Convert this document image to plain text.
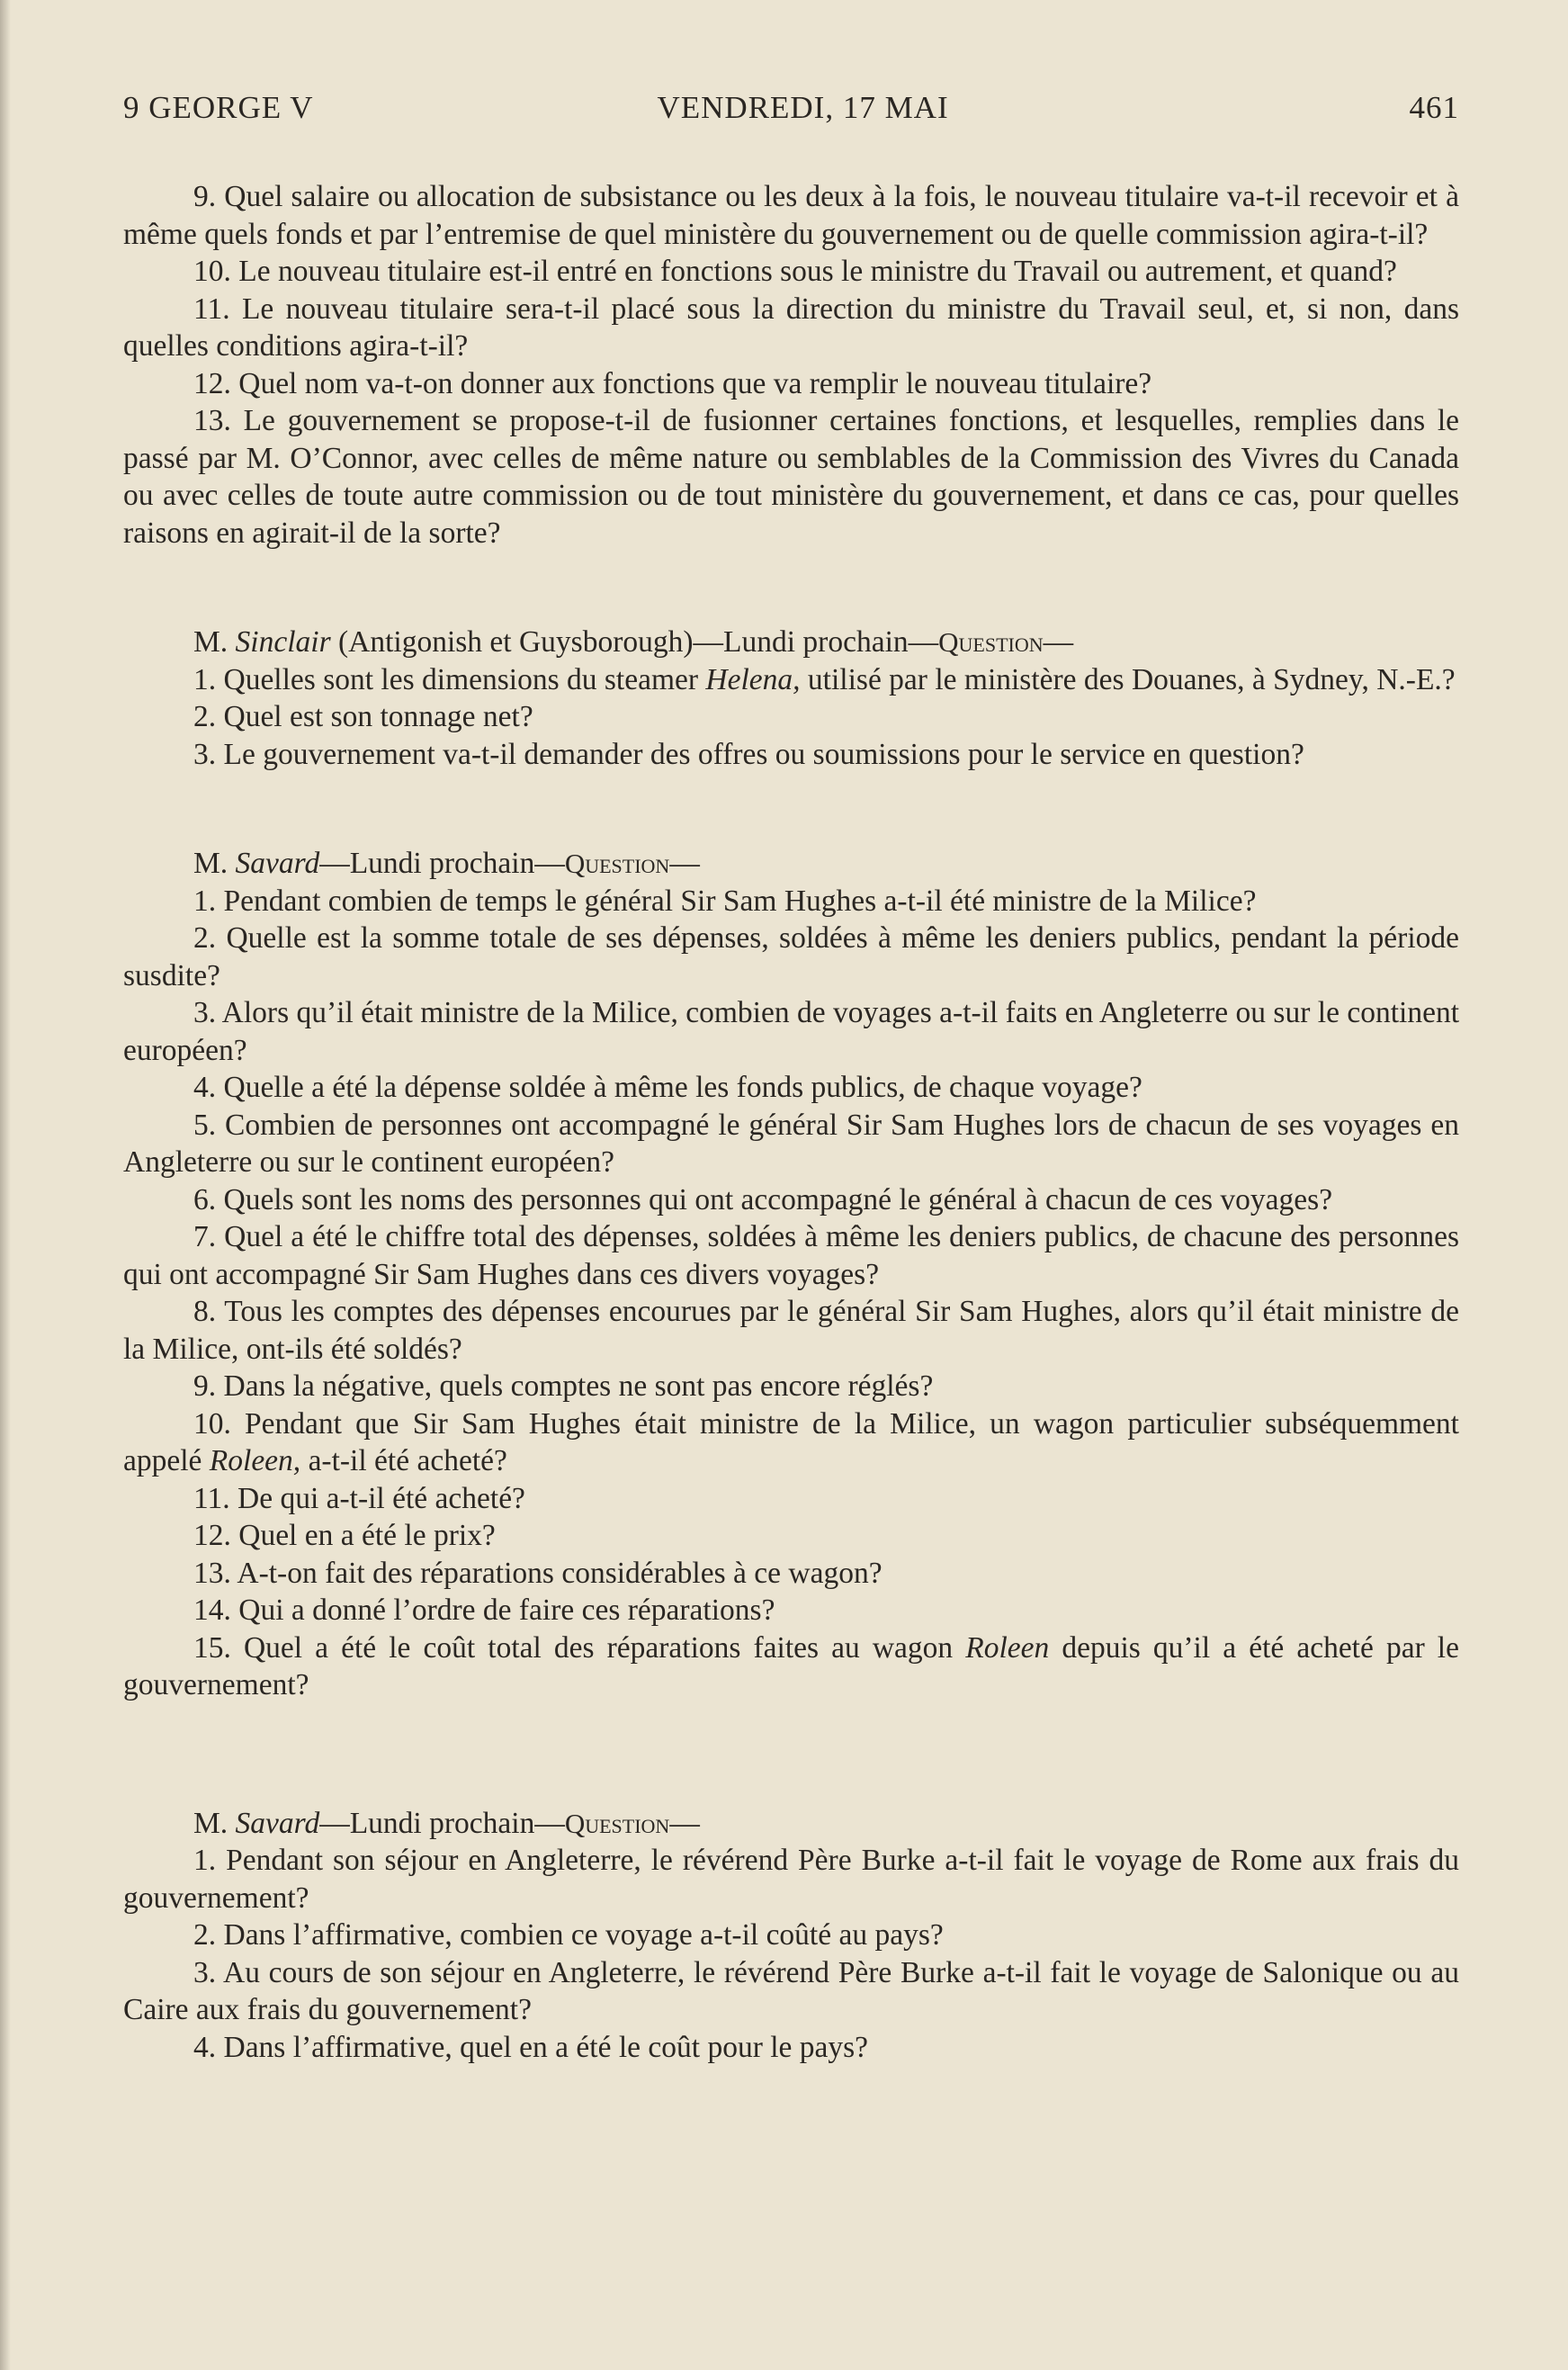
9 GEORGE V	VENDREDI, 17 MAI	461

9. Quel salaire ou allocation de subsistance ou les deux à la fois, le nouveau titulaire va-t-il recevoir et à même quels fonds et par l’entremise de quel ministère du gouvernement ou de quelle commission agira-t-il?

10. Le nouveau titulaire est-il entré en fonctions sous le ministre du Travail ou autrement, et quand?

11. Le nouveau titulaire sera-t-il placé sous la direction du ministre du Travail seul, et, si non, dans quelles conditions agira-t-il?

12. Quel nom va-t-on donner aux fonctions que va remplir le nouveau titulaire?

13. Le gouvernement se propose-t-il de fusionner certaines fonctions, et lesquelles, remplies dans le passé par M. O’Connor, avec celles de même nature ou semblables de la Commission des Vivres du Canada ou avec celles de toute autre commission ou de tout ministère du gouvernement, et dans ce cas, pour quelles raisons en agirait-il de la sorte?

M. Sinclair (Antigonish et Guysborough)—Lundi prochain—Question—

1. Quelles sont les dimensions du steamer Helena, utilisé par le ministère des Douanes, à Sydney, N.-E.?

2. Quel est son tonnage net?

3. Le gouvernement va-t-il demander des offres ou soumissions pour le service en question?

M. Savard—Lundi prochain—Question—

1. Pendant combien de temps le général Sir Sam Hughes a-t-il été ministre de la Milice?

2. Quelle est la somme totale de ses dépenses, soldées à même les deniers publics, pendant la période susdite?

3. Alors qu’il était ministre de la Milice, combien de voyages a-t-il faits en Angleterre ou sur le continent européen?

4. Quelle a été la dépense soldée à même les fonds publics, de chaque voyage?

5. Combien de personnes ont accompagné le général Sir Sam Hughes lors de chacun de ses voyages en Angleterre ou sur le continent européen?

6. Quels sont les noms des personnes qui ont accompagné le général à chacun de ces voyages?

7. Quel a été le chiffre total des dépenses, soldées à même les deniers publics, de chacune des personnes qui ont accompagné Sir Sam Hughes dans ces divers voyages?

8. Tous les comptes des dépenses encourues par le général Sir Sam Hughes, alors qu’il était ministre de la Milice, ont-ils été soldés?

9. Dans la négative, quels comptes ne sont pas encore réglés?

10. Pendant que Sir Sam Hughes était ministre de la Milice, un wagon particulier subséquemment appelé Roleen, a-t-il été acheté?

11. De qui a-t-il été acheté?

12. Quel en a été le prix?

13. A-t-on fait des réparations considérables à ce wagon?

14. Qui a donné l’ordre de faire ces réparations?

15. Quel a été le coût total des réparations faites au wagon Roleen depuis qu’il a été acheté par le gouvernement?

M. Savard—Lundi prochain—Question—

1. Pendant son séjour en Angleterre, le révérend Père Burke a-t-il fait le voyage de Rome aux frais du gouvernement?

2. Dans l’affirmative, combien ce voyage a-t-il coûté au pays?

3. Au cours de son séjour en Angleterre, le révérend Père Burke a-t-il fait le voyage de Salonique ou au Caire aux frais du gouvernement?

4. Dans l’affirmative, quel en a été le coût pour le pays?
